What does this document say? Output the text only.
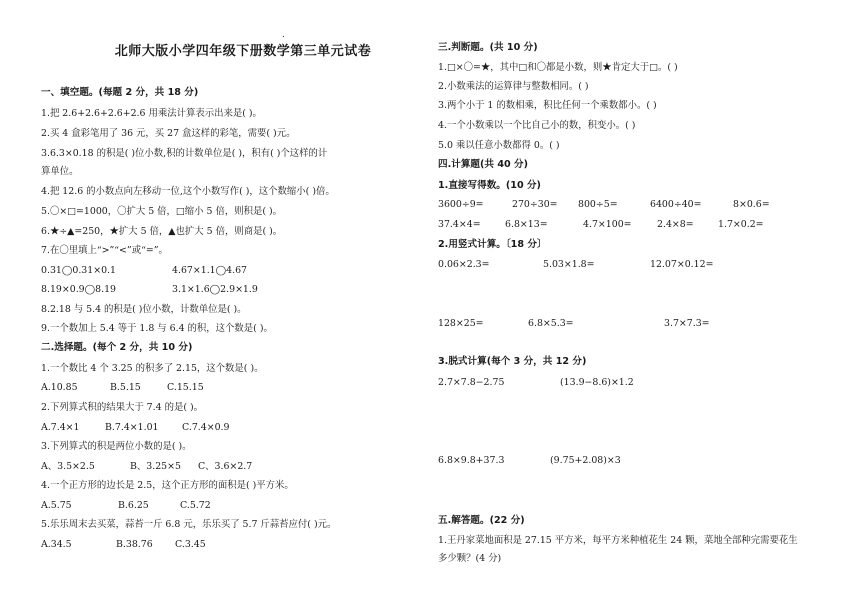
.
北师大版小学四年级下册数学第三单元试卷
一、填空题。(每题 2 分，共 18 分)
1.把 2.6+2.6+2.6+2.6 用乘法计算表示出来是( )。
2.买 4 盒彩笔用了 36 元，买 27 盒这样的彩笔，需要( )元。
3.6.3×0.18 的积是( )位小数,积的计数单位是( )，积有( )个这样的计
算单位。
4.把 12.6 的小数点向左移动一位,这个小数写作( )，这个数缩小( )倍。
5.〇×□=1000，〇扩大 5 倍，□缩小 5 倍，则积是( )。
6.★÷▲=250，★扩大 5 倍，▲也扩大 5 倍，则商是( )。
7.在〇里填上“>”“<”或“=”。
0.31◯0.31×0.1	4.67×1.1◯4.67
8.19×0.9◯8.19	3.1×1.6◯2.9×1.9
8.2.18 与 5.4 的积是( )位小数，计数单位是( )。
9.一个数加上 5.4 等于 1.8 与 6.4 的积，这个数是( )。
二.选择题。(每个 2 分，共 10 分)
1.一个数比 4 个 3.25 的积多了 2.15，这个数是( )。
A.10.85	B.5.15	C.15.15
2.下列算式积的结果大于 7.4 的是( )。
A.7.4×1	B.7.4×1.01 C.7.4×0.9
3.下列算式的积是两位小数的是( )。
A、3.5×2.5	B、3.25×5 C、3.6×2.7
4.一个正方形的边长是 2.5，这个正方形的面积是( )平方米。
A.5.75	B.6.25	C.5.72
5.乐乐周末去买菜，蒜苔一斤 6.8 元，乐乐买了 5.7 斤蒜苔应付( )元。
A.34.5	B.38.76 C.3.45
三.判断题。(共 10 分)
1.□×〇=★，其中□和〇都是小数，则★肯定大于□。( )
2.小数乘法的运算律与整数相同。( )
3.两个小于 1 的数相乘，积比任何一个乘数都小。( )
4.一个小数乘以一个比自己小的数，积变小。( )
5.0 乘以任意小数都得 0。( )
四.计算题(共 40 分)
1.直接写得数。(10 分)
3600÷9=	270÷30= 800÷5=	6400÷40=	8×0.6=
37.4×4=	6.8×13=	4.7×100=	2.4×8=	1.7×0.2=
2.用竖式计算。〔18 分〕
0.06×2.3=	5.03×1.8=	12.07×0.12=
128×25=	6.8×5.3=	3.7×7.3=
3.脱式计算(每个 3 分，共 12 分)
2.7×7.8−2.75	(13.9−8.6)×1.2
6.8×9.8+37.3	(9.75+2.08)×3
五.解答题。(22 分)
1.王丹家菜地面积是 27.15 平方米，每平方米种植花生 24 颗，菜地全部种完需要花生
多少颗？(4 分)
